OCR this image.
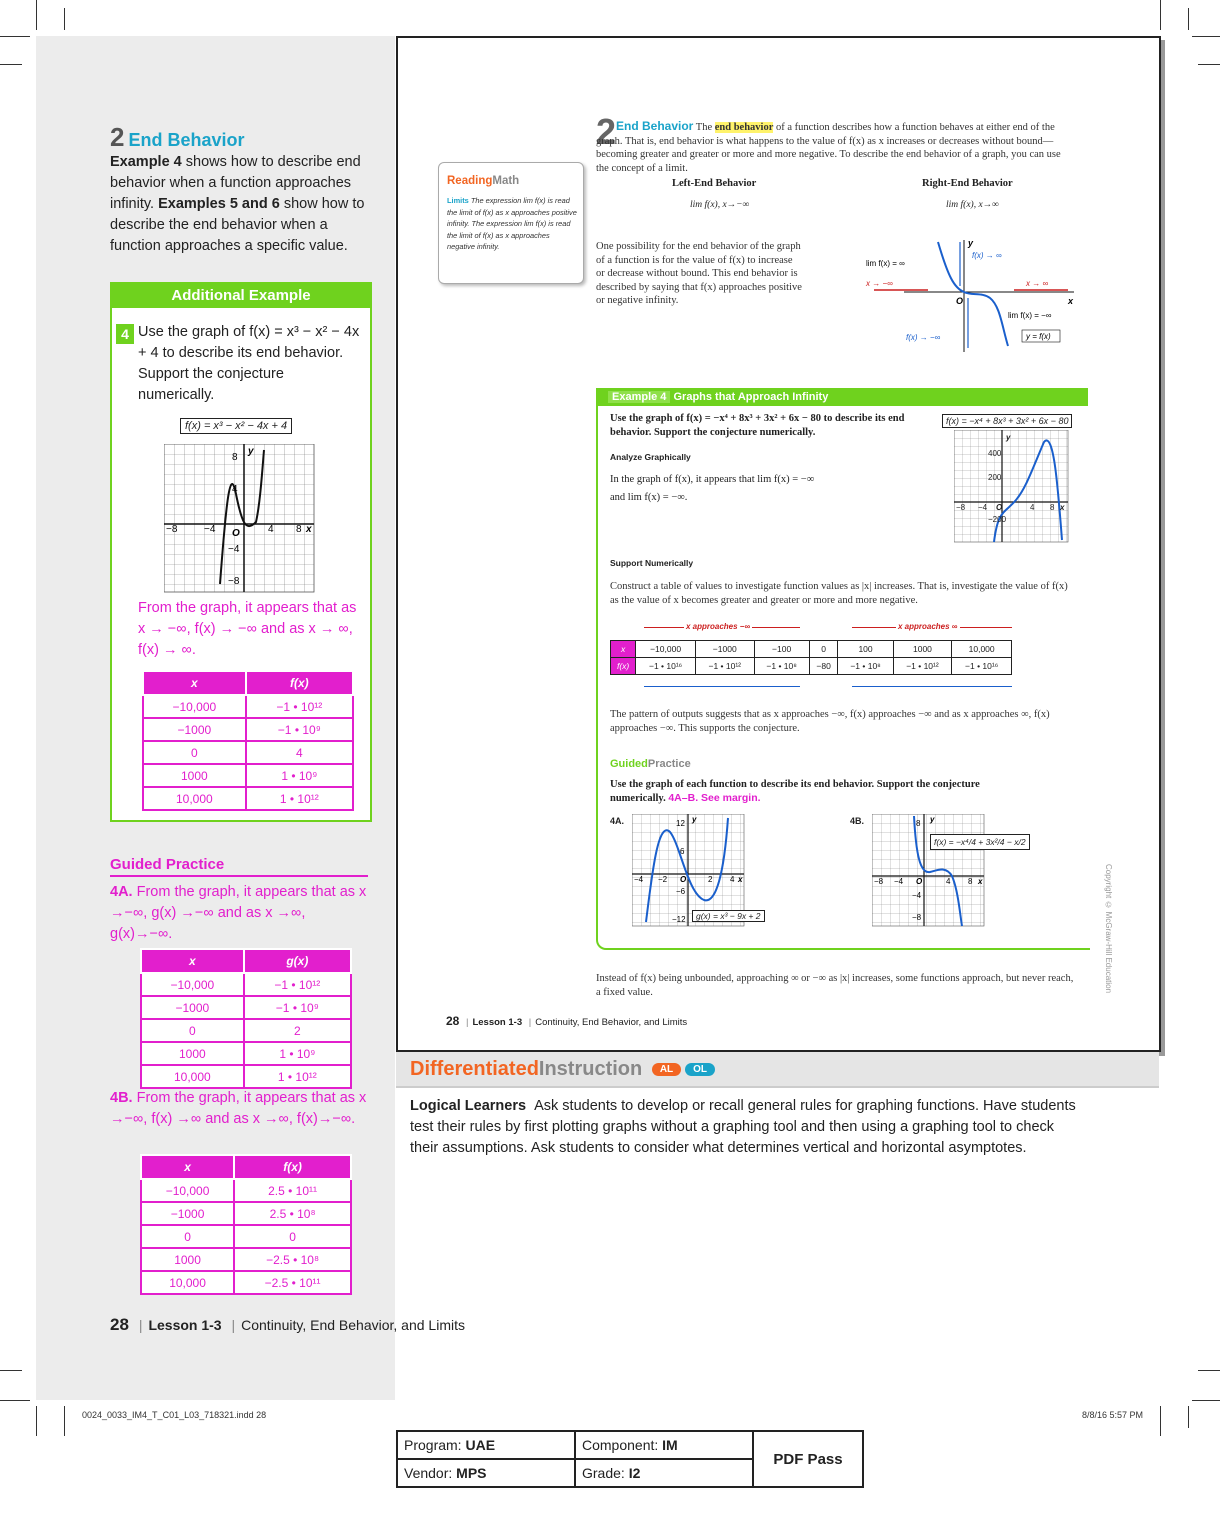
2 End Behavior
Example 4 shows how to describe end behavior when a function approaches infinity. Examples 5 and 6 show how to describe the end behavior when a function approaches a specific value.
Additional Example
4 Use the graph of f(x) = x³ − x² − 4x + 4 to describe its end behavior. Support the conjecture numerically.
f(x) = x³ − x² − 4x + 4
−8	−4 O	4 8 x
y
8
4
−4
−8
From the graph, it appears that as x → −∞, f(x) → −∞ and as x → ∞, f(x) → ∞.
x	f(x)
−10,000	−1 • 10¹²
−1000	−1 • 10⁹
0	4
1000	1 • 10⁹
10,000	1 • 10¹²
Guided Practice
4A. From the graph, it appears that as x →−∞, g(x) →−∞ and as x →∞, g(x)→−∞.
x	g(x)
−10,000	−1 • 10¹²
−1000	−1 • 10⁹
0	2
1000	1 • 10⁹
10,000	1 • 10¹²
4B. From the graph, it appears that as x →−∞, f(x) →∞ and as x →∞, f(x)→−∞.
x	f(x)
−10,000	2.5 • 10¹¹
−1000	2.5 • 10⁸
0	0
1000	−2.5 • 10⁸
10,000	−2.5 • 10¹¹
28 | Lesson 1-3 | Continuity, End Behavior, and Limits
ReadingMath
Limits The expression lim f(x) is read the limit of f(x) as x approaches positive infinity. The expression lim f(x) is read the limit of f(x) as x approaches negative infinity.
2 End Behavior The end behavior of a function describes how a function behaves at either end of the graph. That is, end behavior is what happens to the value of f(x) as x increases or decreases without bound—becoming greater and greater or more and more negative. To describe the end behavior of a graph, you can use the concept of a limit.
Left-End Behavior	Right-End Behavior
lim f(x), x→−∞	lim f(x), x→∞
One possibility for the end behavior of the graph of a function is for the value of f(x) to increase or decrease without bound. This end behavior is described by saying that f(x) approaches positive or negative infinity.
lim f(x) = ∞
x → −∞
f(x) → ∞
x → ∞
lim f(x) = −∞
f(x) → −∞	y = f(x)
O	x
y
Example 4 Graphs that Approach Infinity
Use the graph of f(x) = −x⁴ + 8x³ + 3x² + 6x − 80 to describe its end behavior. Support the conjecture numerically.
f(x) = −x⁴ + 8x³ + 3x² + 6x − 80
400
200
−200
−8 −4 O	4 8 x
y
Analyze Graphically
In the graph of f(x), it appears that lim f(x) = −∞
and lim f(x) = −∞.
Support Numerically
Construct a table of values to investigate function values as |x| increases. That is, investigate the value of f(x) as the value of x becomes greater and greater or more and more negative.
x approaches −∞	x approaches ∞
x	−10,000	−1000	−100	0	100	1000	10,000
f(x)	−1 • 10¹⁶	−1 • 10¹²	−1 • 10⁸	−80	−1 • 10⁸	−1 • 10¹²	−1 • 10¹⁶
The pattern of outputs suggests that as x approaches −∞, f(x) approaches −∞ and as x approaches ∞, f(x) approaches −∞. This supports the conjecture.
GuidedPractice
Use the graph of each function to describe its end behavior. Support the conjecture numerically. 4A–B. See margin.
4A.	12
6
−6
−12
−4 −2 O	2 4 x
y
g(x) = x³ − 9x + 2
4B.	8
−4
−8
−8 −4 O	4 8 x
y
f(x) = −x⁴/4 + 3x²/4 − x/2
Instead of f(x) being unbounded, approaching ∞ or −∞ as |x| increases, some functions approach, but never reach, a fixed value.	Copyright © McGraw-Hill Education
28 | Lesson 1-3 | Continuity, End Behavior, and Limits
DifferentiatedInstruction AL OL
Logical Learners Ask students to develop or recall general rules for graphing functions. Have students test their rules by first plotting graphs without a graphing tool and then using a graphing tool to check their assumptions. Ask students to consider what determines vertical and horizontal asymptotes.
0024_0033_IM4_T_C01_L03_718321.indd 28	8/8/16 5:57 PM
Program: UAE	Component: IM	PDF Pass
Vendor: MPS	Grade: I2	
